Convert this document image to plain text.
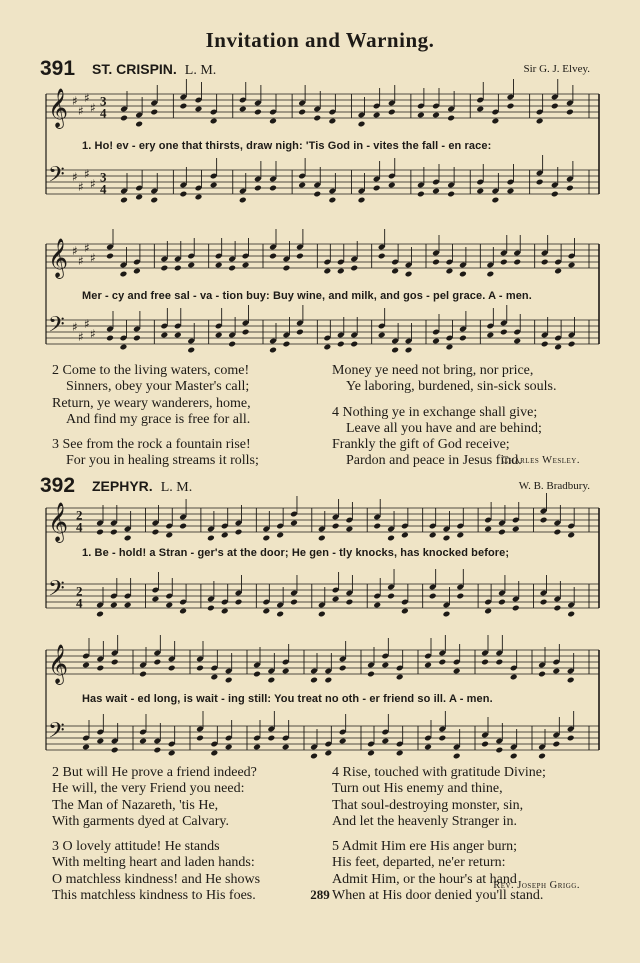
Invitation and Warning.
391 ST. CRISPIN. L. M.	Sir G. J. Elvey.
𝄞 ♯
♯
♯
♯ 3
4
𝄢 ♯
♯
♯
♯ 3
4
1. Ho! ev - ery one that thirsts, draw nigh: 'Tis God in - vites the fall - en race:
𝄞 ♯
♯
♯
♯
𝄢 ♯
♯
♯
♯
Mer - cy and free sal - va - tion buy: Buy wine, and milk, and gos - pel grace. A - men.
2 Come to the living waters, come!
Sinners, obey your Master's call;
Return, ye weary wanderers, home,
And find my grace is free for all.
3 See from the rock a fountain rise!
For you in healing streams it rolls;
Money ye need not bring, nor price,
Ye laboring, burdened, sin-sick souls.
4 Nothing ye in exchange shall give;
Leave all you have and are behind;
Frankly the gift of God receive;
Pardon and peace in Jesus find.
Charles Wesley.
392 ZEPHYR. L. M.	W. B. Bradbury.
𝄞 2
4
𝄢 2
4
1. Be - hold! a Stran - ger's at the door; He gen - tly knocks, has knocked before;
𝄞
𝄢
Has wait - ed long, is wait - ing still: You treat no oth - er friend so ill. A - men.
2 But will He prove a friend indeed?
He will, the very Friend you need:
The Man of Nazareth, 'tis He,
With garments dyed at Calvary.
3 O lovely attitude! He stands
With melting heart and laden hands:
O matchless kindness! and He shows
This matchless kindness to His foes.
4 Rise, touched with gratitude Divine;
Turn out His enemy and thine,
That soul-destroying monster, sin,
And let the heavenly Stranger in.
5 Admit Him ere His anger burn;
His feet, departed, ne'er return:
Admit Him, or the hour's at hand
When at His door denied you'll stand.
Rev. Joseph Grigg.
289
